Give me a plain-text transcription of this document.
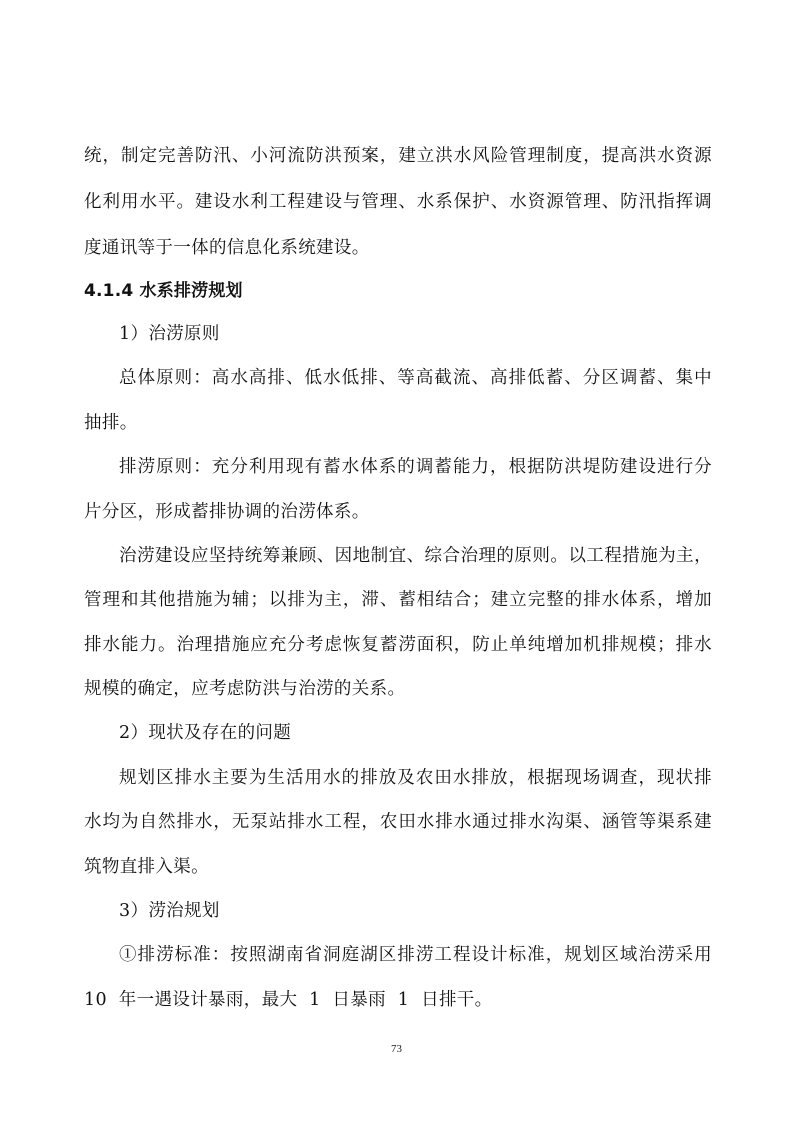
统，制定完善防汛、小河流防洪预案，建立洪水风险管理制度，提高洪水资源
化利用水平。建设水利工程建设与管理、水系保护、水资源管理、防汛指挥调
度通讯等于一体的信息化系统建设。
4.1.4 水系排涝规划
1）治涝原则
总体原则：高水高排、低水低排、等高截流、高排低蓄、分区调蓄、集中
抽排。
排涝原则：充分利用现有蓄水体系的调蓄能力，根据防洪堤防建设进行分
片分区，形成蓄排协调的治涝体系。
治涝建设应坚持统筹兼顾、因地制宜、综合治理的原则。以工程措施为主，
管理和其他措施为辅；以排为主，滞、蓄相结合；建立完整的排水体系，增加
排水能力。治理措施应充分考虑恢复蓄涝面积，防止单纯增加机排规模；排水
规模的确定，应考虑防洪与治涝的关系。
2）现状及存在的问题
规划区排水主要为生活用水的排放及农田水排放，根据现场调查，现状排
水均为自然排水，无泵站排水工程，农田水排水通过排水沟渠、涵管等渠系建
筑物直排入渠。
3）涝治规划
①排涝标准：按照湖南省洞庭湖区排涝工程设计标准，规划区域治涝采用
10  年一遇设计暴雨，最大  1  日暴雨  1  日排干。
73
